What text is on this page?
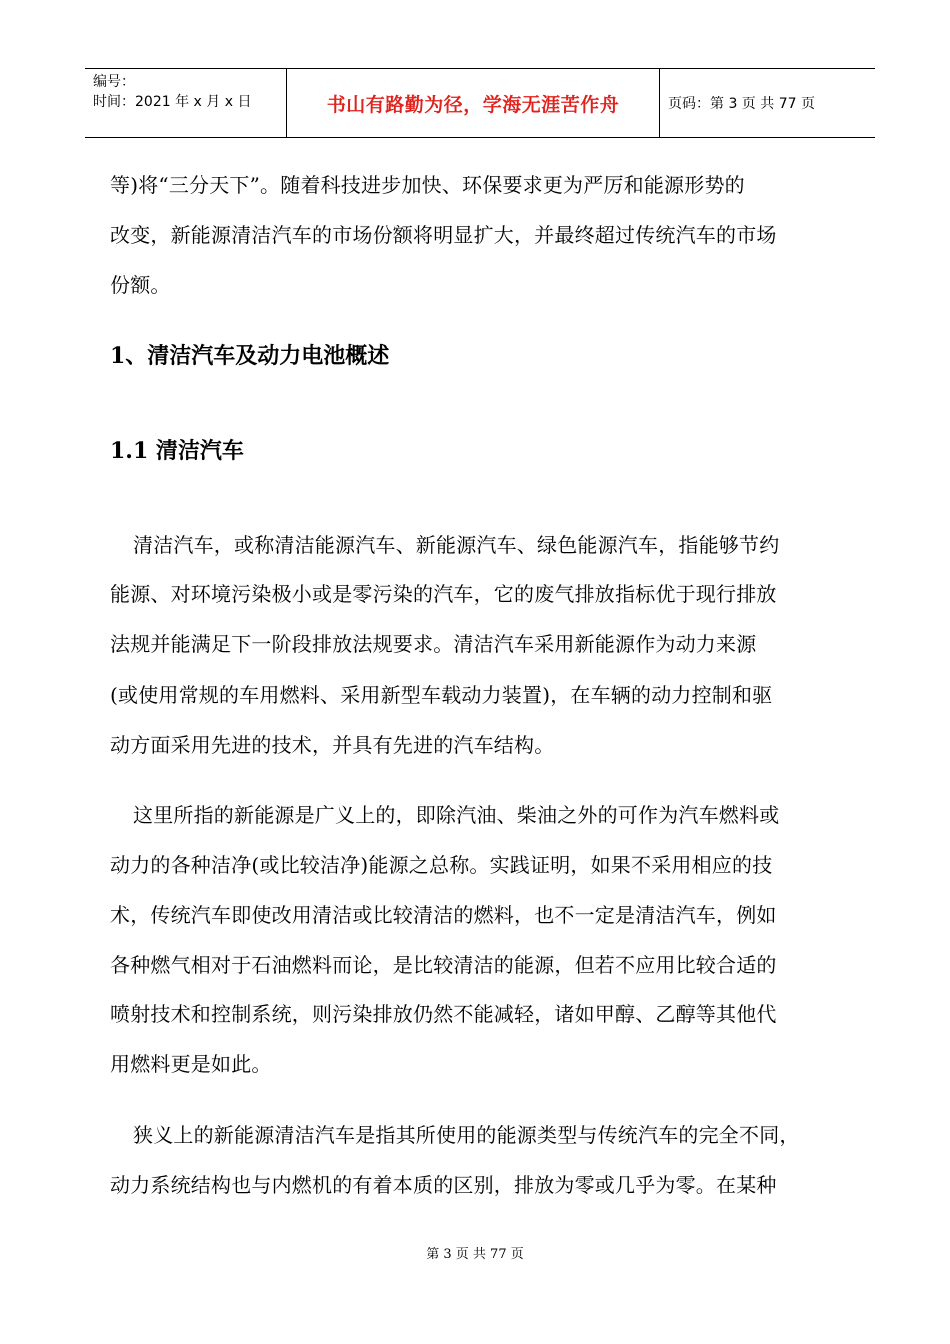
编号：
时间：2021 年 x 月 x 日	书山有路勤为径，学海无涯苦作舟	页码：第 3 页 共 77 页
等)将“三分天下”。随着科技进步加快、环保要求更为严厉和能源形势的
改变，新能源清洁汽车的市场份额将明显扩大，并最终超过传统汽车的市场
份额。
1、清洁汽车及动力电池概述
1.1 清洁汽车
清洁汽车，或称清洁能源汽车、新能源汽车、绿色能源汽车，指能够节约
能源、对环境污染极小或是零污染的汽车，它的废气排放指标优于现行排放
法规并能满足下一阶段排放法规要求。清洁汽车采用新能源作为动力来源
(或使用常规的车用燃料、采用新型车载动力装置)，在车辆的动力控制和驱
动方面采用先进的技术，并具有先进的汽车结构。
这里所指的新能源是广义上的，即除汽油、柴油之外的可作为汽车燃料或
动力的各种洁净(或比较洁净)能源之总称。实践证明，如果不采用相应的技
术，传统汽车即使改用清洁或比较清洁的燃料，也不一定是清洁汽车，例如
各种燃气相对于石油燃料而论，是比较清洁的能源，但若不应用比较合适的
喷射技术和控制系统，则污染排放仍然不能减轻，诸如甲醇、乙醇等其他代
用燃料更是如此。
狭义上的新能源清洁汽车是指其所使用的能源类型与传统汽车的完全不同，
动力系统结构也与内燃机的有着本质的区别，排放为零或几乎为零。在某种
第 3 页 共 77 页
